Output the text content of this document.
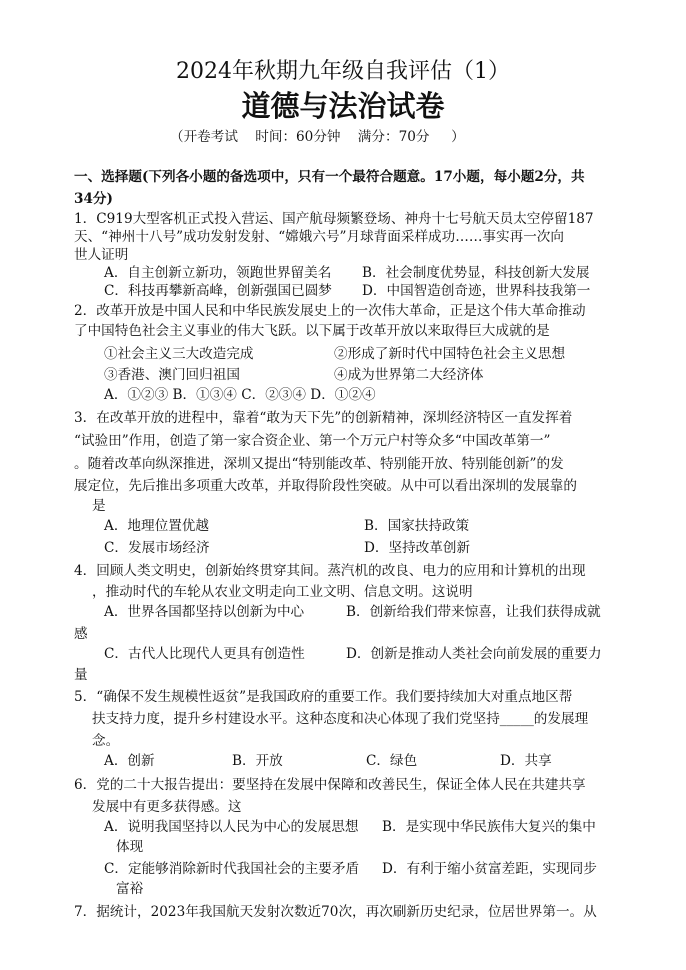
2024年秋期九年级自我评估（1）
道德与法治试卷
（开卷考试    时间：60分钟    满分：70分     ）
一、选择题(下列各小题的备选项中，只有一个最符合题意。17小题，每小题2分，共
34分)
1．C919大型客机正式投入营运、国产航母频繁登场、神舟十七号航天员太空停留187
天、“神州十八号”成功发射发射、“嫦娥六号”月球背面采样成功……事实再一次向
世人证明
A．自主创新立新功，领跑世界留美名 B．社会制度优势显，科技创新大发展
C．科技再攀新高峰，创新强国已圆梦 D．中国智造创奇迹，世界科技我第一
2．改革开放是中国人民和中华民族发展史上的一次伟大革命，正是这个伟大革命推动
了中国特色社会主义事业的伟大飞跃。以下属于改革开放以来取得巨大成就的是
①社会主义三大改造完成	②形成了新时代中国特色社会主义思想
③香港、澳门回归祖国	④成为世界第二大经济体
A．①②③ B．①③④ C．②③④ D．①②④
3．在改革开放的进程中，靠着“敢为天下先”的创新精神，深圳经济特区一直发挥着
“试验田”作用，创造了第一家合资企业、第一个万元户村等众多“中国改革第一”
。随着改革向纵深推进，深圳又提出“特别能改革、特别能开放、特别能创新”的发
展定位，先后推出多项重大改革，并取得阶段性突破。从中可以看出深圳的发展靠的
是
A．地理位置优越	B．国家扶持政策
C．发展市场经济	D．坚持改革创新
4．回顾人类文明史，创新始终贯穿其间。蒸汽机的改良、电力的应用和计算机的出现
，推动时代的车轮从农业文明走向工业文明、信息文明。这说明
A．世界各国都坚持以创新为中心	B．创新给我们带来惊喜，让我们获得成就
感
C．古代人比现代人更具有创造性	D．创新是推动人类社会向前发展的重要力
量
5．“确保不发生规模性返贫”是我国政府的重要工作。我们要持续加大对重点地区帮
扶支持力度，提升乡村建设水平。这种态度和决心体现了我们党坚持_____的发展理
念。
A．创新	B．开放	C．绿色	D．共享
6．党的二十大报告提出：要坚持在发展中保障和改善民生，保证全体人民在共建共享
发展中有更多获得感。这
A．说明我国坚持以人民为中心的发展思想 B．是实现中华民族伟大复兴的集中
体现
C．定能够消除新时代我国社会的主要矛盾 D．有利于缩小贫富差距，实现同步
富裕
7．据统计，2023年我国航天发射次数近70次，再次刷新历史纪录，位居世界第一。从
